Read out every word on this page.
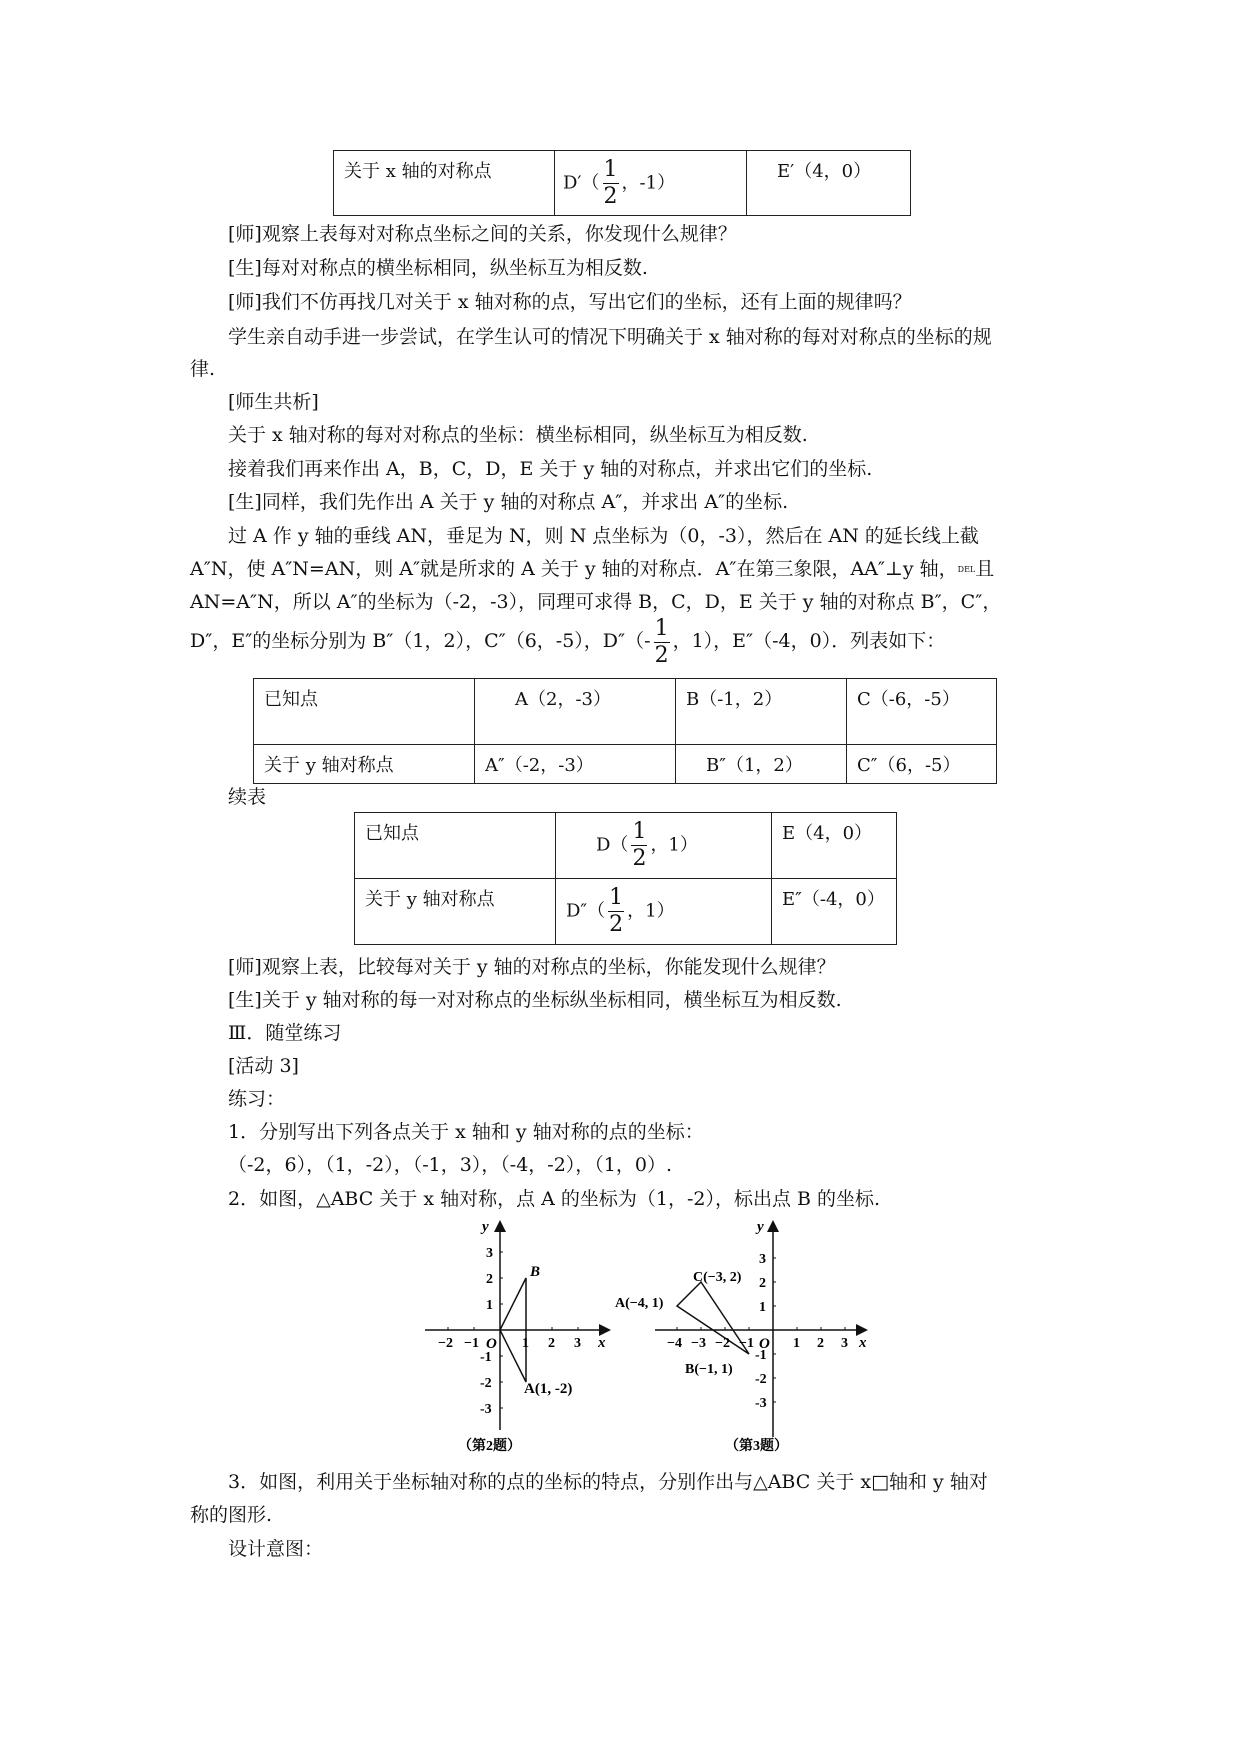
关于 x 轴的对称点	$D'( \frac{1}{2}$ ，-1）	E′（4，0）
[师]观察上表每对对称点坐标之间的关系，你发现什么规律？
[生]每对对称点的横坐标相同，纵坐标互为相反数.
[师]我们不仿再找几对关于 x 轴对称的点，写出它们的坐标，还有上面的规律吗？
学生亲自动手进一步尝试，在学生认可的情况下明确关于 x 轴对称的每对对称点的坐标的规
律.
[师生共析]
关于 x 轴对称的每对对称点的坐标：横坐标相同，纵坐标互为相反数.
接着我们再来作出 A，B，C，D，E 关于 y 轴的对称点，并求出它们的坐标.
[生]同样，我们先作出 A 关于 y 轴的对称点 A″，并求出 A″的坐标.
过 A 作 y 轴的垂线 AN，垂足为 N，则 N 点坐标为（0，-3），然后在 AN 的延长线上截
A″N，使 A″N=AN，则 A″就是所求的 A 关于 y 轴的对称点．A″在第三象限，AA″⊥y 轴，DEL且
AN=A″N，所以 A″的坐标为（-2，-3），同理可求得 B，C，D，E 关于 y 轴的对称点 B″，C″，
D″，E″的坐标分别为 B″（1，2），C″（6，-5），$D''(- \frac{1}{2}$ ，1），E″（-4，0）．列表如下：
已知点	A（2，-3）	B（-1，2）	C（-6，-5）
关于 y 轴对称点	A″（-2，-3）	B″（1，2）	C″（6，-5）
续表
已知点	$D( \frac{1}{2}$ ，1）	E（4，0）
关于 y 轴对称点	$D''( \frac{1}{2}$ ，1）	E″（-4，0）
[师]观察上表，比较每对关于 y 轴的对称点的坐标，你能发现什么规律？
[生]关于 y 轴对称的每一对对称点的坐标纵坐标相同，横坐标互为相反数.
Ⅲ．随堂练习
[活动 3]
练习：
1．分别写出下列各点关于 x 轴和 y 轴对称的点的坐标：
（-2，6），（1，-2），（-1，3），（-4，-2），（1，0）.
2．如图，△ABC 关于 x 轴对称，点 A 的坐标为（1，-2），标出点 B 的坐标.
x
y
O
B
A(1, -2)
−2 −1	1 2 3
3
2
1
-1
-2
-3
（第2题）
x
y
O
A(−4, 1)
C(−3, 2)
B(−1, 1)
−4 −3 −2 −1	1 2 3
3
2
1
-1
-2
-3
（第3题）
3．如图，利用关于坐标轴对称的点的坐标的特点，分别作出与△ABC 关于 x□轴和 y 轴对
称的图形.
设计意图：
